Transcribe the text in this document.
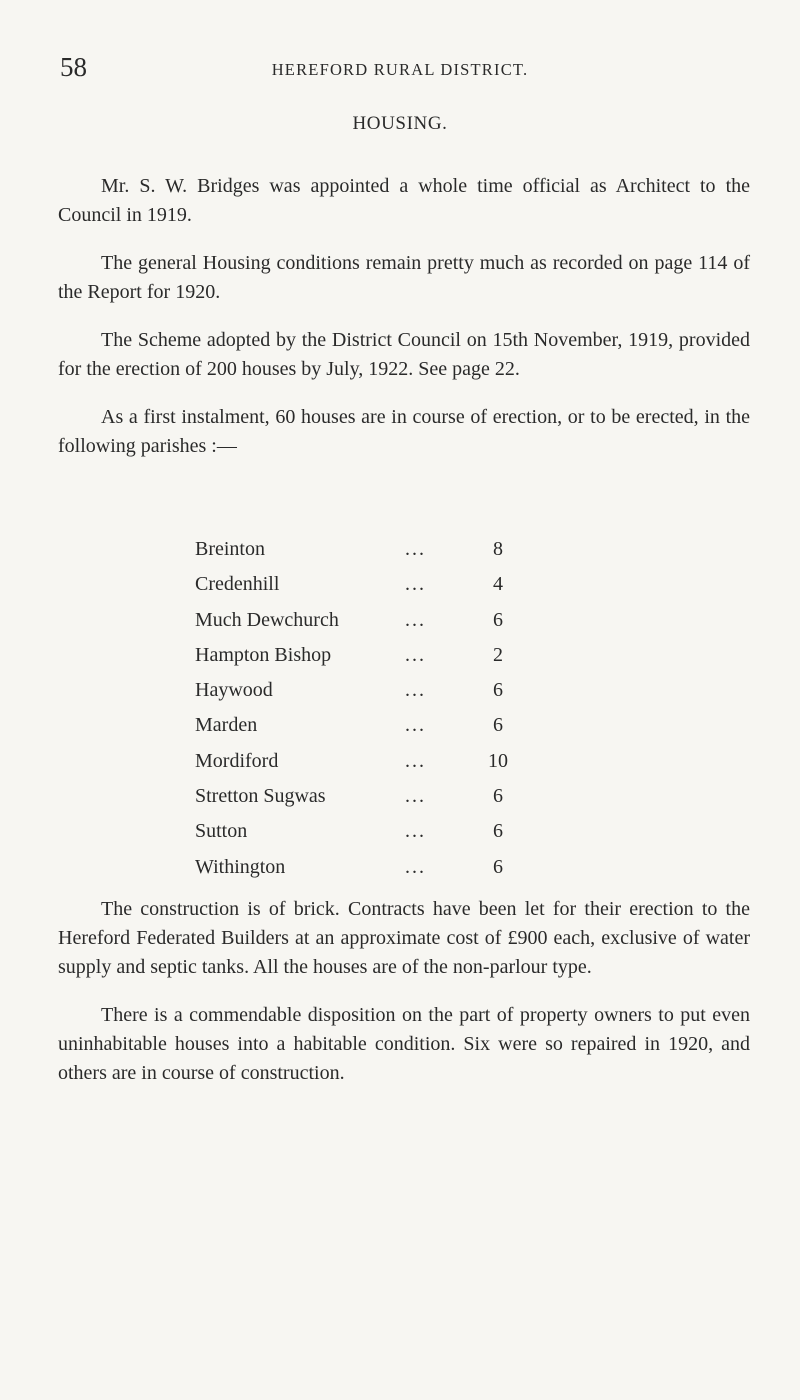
58	HEREFORD RURAL DISTRICT.
HOUSING.

Mr. S. W. Bridges was appointed a whole time official as Architect to the Council in 1919.

The general Housing conditions remain pretty much as recorded on page 114 of the Report for 1920.

The Scheme adopted by the District Council on 15th November, 1919, provided for the erection of 200 houses by July, 1922. See page 22.

As a first instalment, 60 houses are in course of erection, or to be erected, in the following parishes :—

Breinton	...	8
Credenhill	...	4
Much Dewchurch	...	6
Hampton Bishop	...	2
Haywood	...	6
Marden	...	6
Mordiford	...	10
Stretton Sugwas	...	6
Sutton	...	6
Withington	...	6

The construction is of brick. Contracts have been let for their erection to the Hereford Federated Builders at an approximate cost of £900 each, exclusive of water supply and septic tanks. All the houses are of the non-parlour type.

There is a commendable disposition on the part of property owners to put even uninhabitable houses into a habitable condition. Six were so repaired in 1920, and others are in course of construction.
